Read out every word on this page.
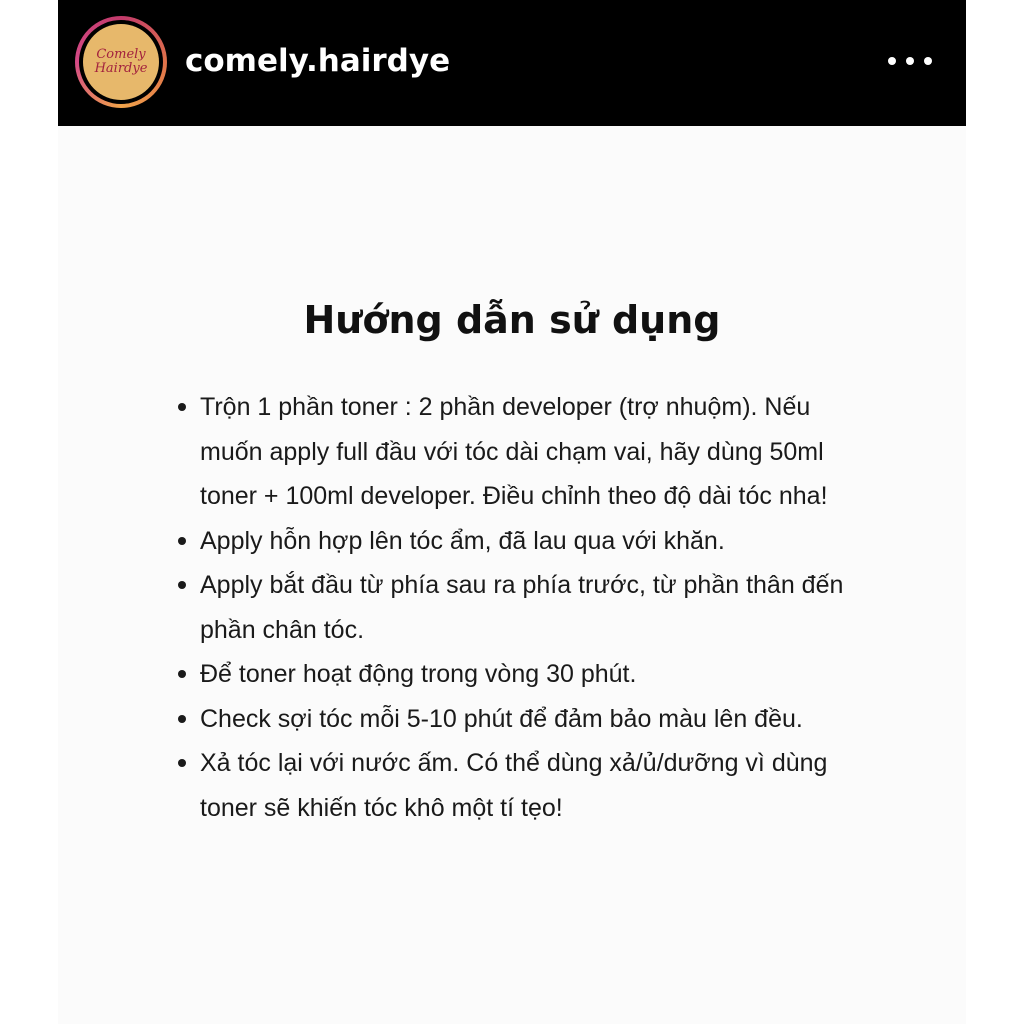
Comely
Hairdye comely.hairdye
Hướng dẫn sử dụng
Trộn 1 phần toner : 2 phần developer (trợ nhuộm). Nếu muốn apply full đầu với tóc dài chạm vai, hãy dùng 50ml toner + 100ml developer. Điều chỉnh theo độ dài tóc nha!
Apply hỗn hợp lên tóc ẩm, đã lau qua với khăn.
Apply bắt đầu từ phía sau ra phía trước, từ phần thân đến phần chân tóc.
Để toner hoạt động trong vòng 30 phút.
Check sợi tóc mỗi 5-10 phút để đảm bảo màu lên đều.
Xả tóc lại với nước ấm. Có thể dùng xả/ủ/dưỡng vì dùng toner sẽ khiến tóc khô một tí tẹo!
